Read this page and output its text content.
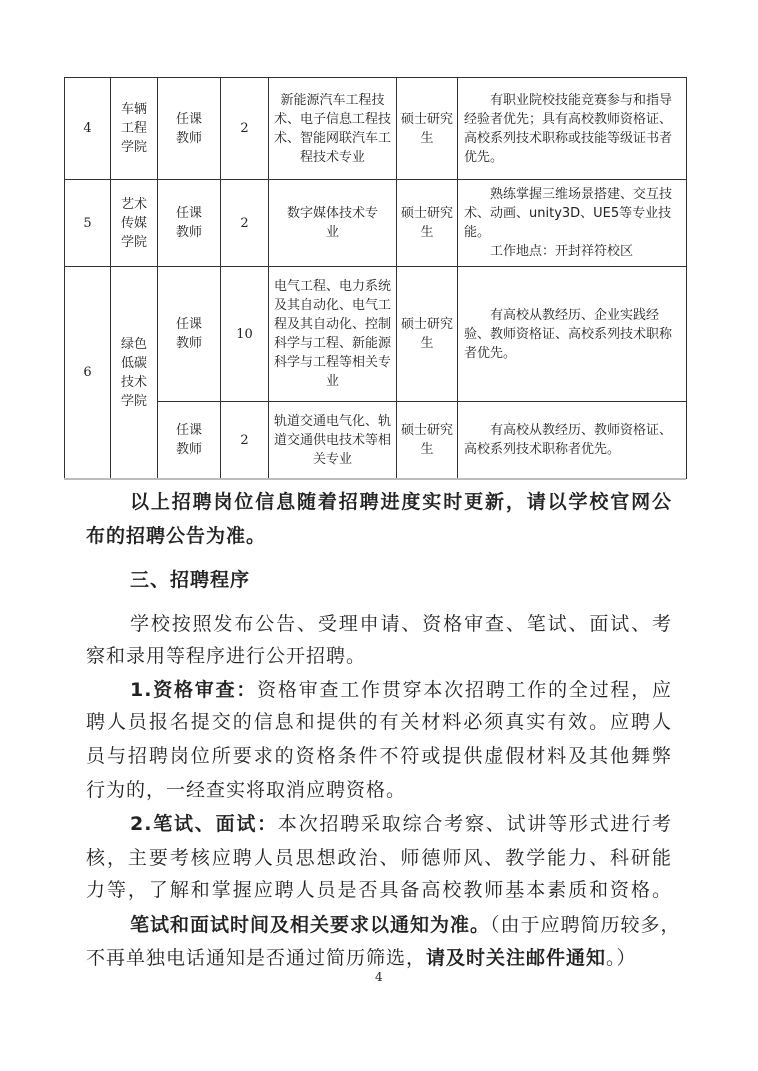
4	车辆工程学院	任课教师	2	新能源汽车工程技术、电子信息工程技术、智能网联汽车工程技术专业	硕士研究生	有职业院校技能竞赛参与和指导经验者优先；具有高校教师资格证、高校系列技术职称或技能等级证书者优先。
5	艺术传媒学院	任课教师	2	数字媒体技术专业	硕士研究生	熟练掌握三维场景搭建、交互技术、动画、unity3D、UE5等专业技能。
工作地点：开封祥符校区

6	绿色低碳技术学院	任课教师	10	电气工程、电力系统及其自动化、电气工程及其自动化、控制科学与工程、新能源科学与工程等相关专业	硕士研究生	有高校从教经历、企业实践经验、教师资格证、高校系列技术职称者优先。
		任课教师	2	轨道交通电气化、轨道交通供电技术等相关专业	硕士研究生	有高校从教经历、教师资格证、高校系列技术职称者优先。
以上招聘岗位信息随着招聘进度实时更新，请以学校官网公
布的招聘公告为准。
三、招聘程序
学校按照发布公告、受理申请、资格审查、笔试、面试、考
察和录用等程序进行公开招聘。
1.资格审查：资格审查工作贯穿本次招聘工作的全过程，应
聘人员报名提交的信息和提供的有关材料必须真实有效。应聘人
员与招聘岗位所要求的资格条件不符或提供虚假材料及其他舞弊
行为的，一经查实将取消应聘资格。
2.笔试、面试：本次招聘采取综合考察、试讲等形式进行考
核，主要考核应聘人员思想政治、师德师风、教学能力、科研能
力等，了解和掌握应聘人员是否具备高校教师基本素质和资格。
笔试和面试时间及相关要求以通知为准。（由于应聘简历较多，
不再单独电话通知是否通过简历筛选，请及时关注邮件通知。）
4
